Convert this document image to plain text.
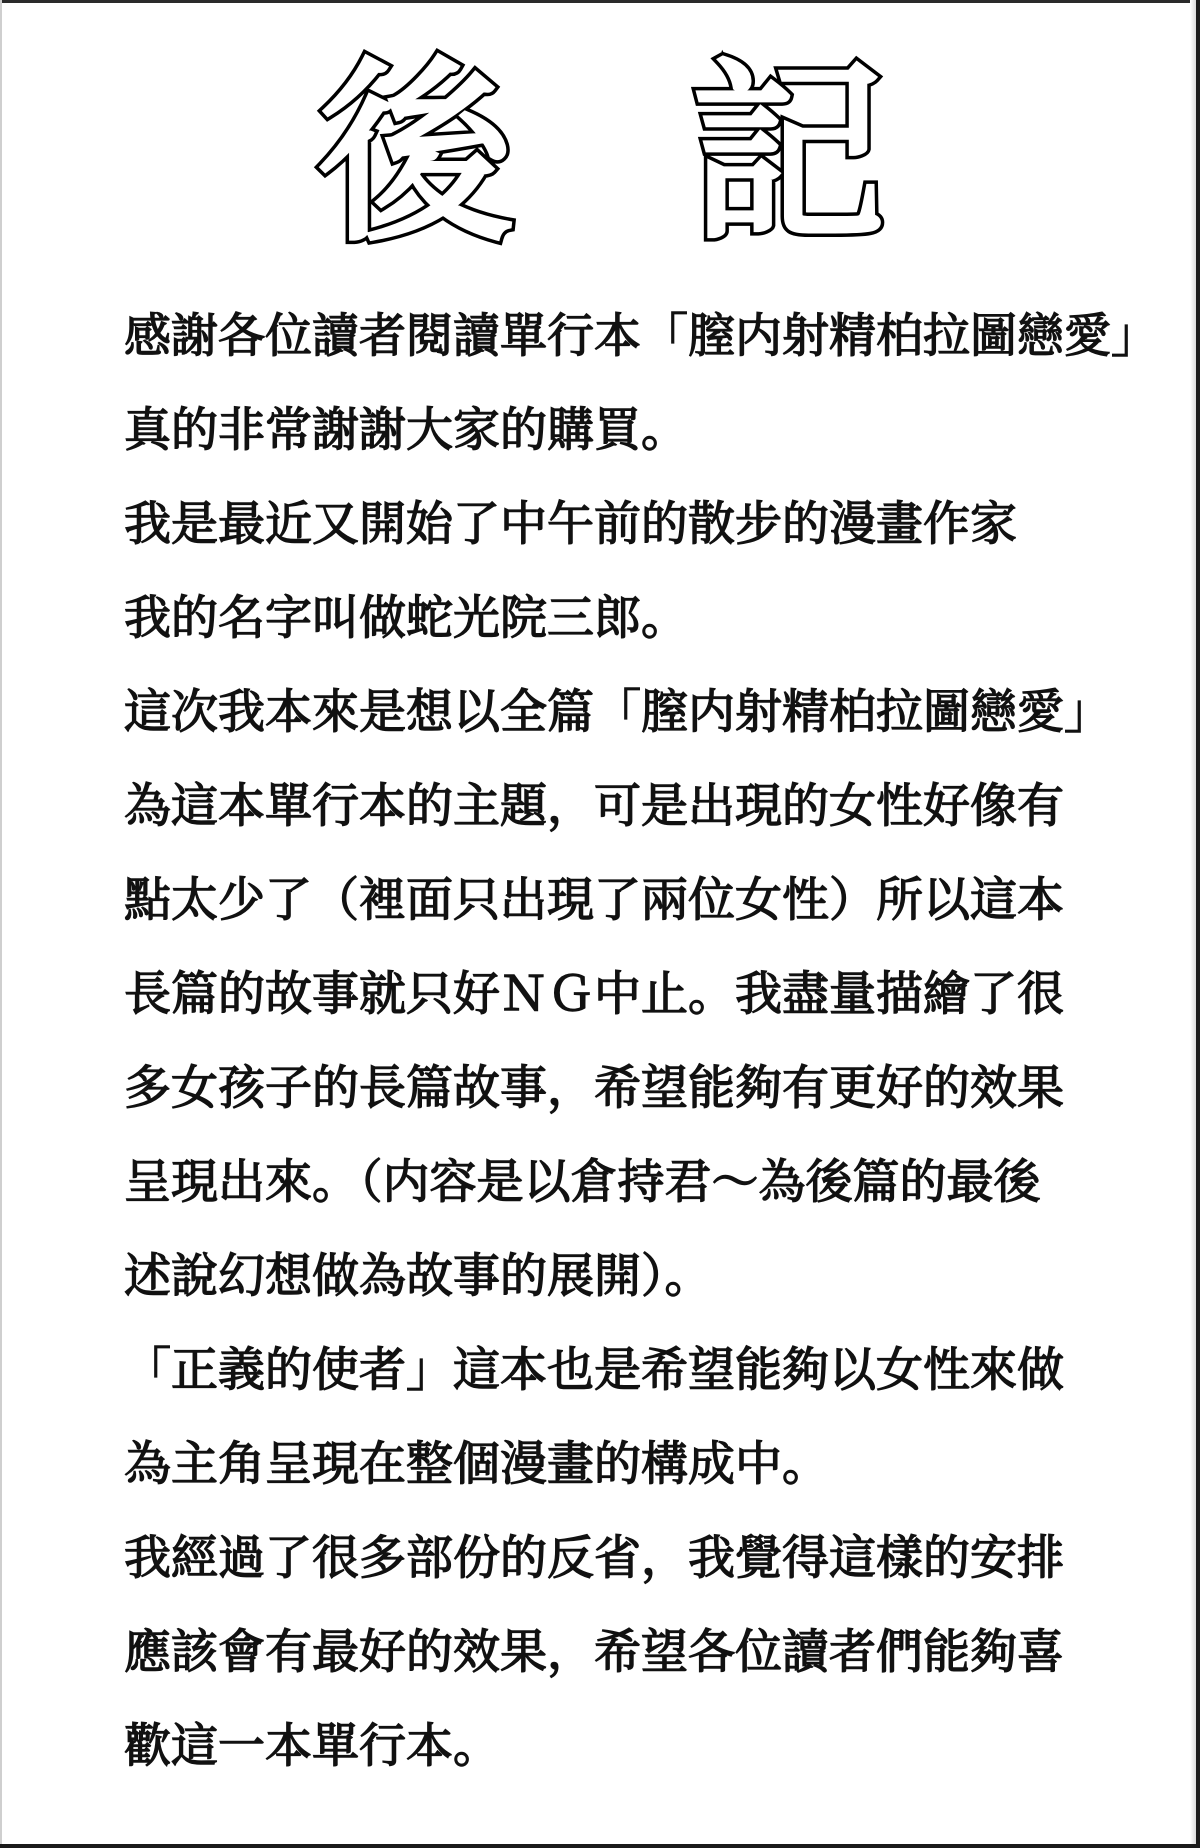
後 記
感謝各位讀者閱讀單行本「膣内射精柏拉圖戀愛」
真的非常謝謝大家的購買。
我是最近又開始了中午前的散步的漫畫作家
我的名字叫做蛇光院三郎。
這次我本來是想以全篇「膣内射精柏拉圖戀愛」
為這本單行本的主題，可是出現的女性好像有
點太少了（裡面只出現了兩位女性）所以這本
長篇的故事就只好ＮＧ中止。我盡量描繪了很
多女孩子的長篇故事，希望能夠有更好的效果
呈現出來。（内容是以倉持君～為後篇的最後
述說幻想做為故事的展開）。
「正義的使者」這本也是希望能夠以女性來做
為主角呈現在整個漫畫的構成中。
我經過了很多部份的反省，我覺得這樣的安排
應該會有最好的效果，希望各位讀者們能夠喜
歡這一本單行本。
